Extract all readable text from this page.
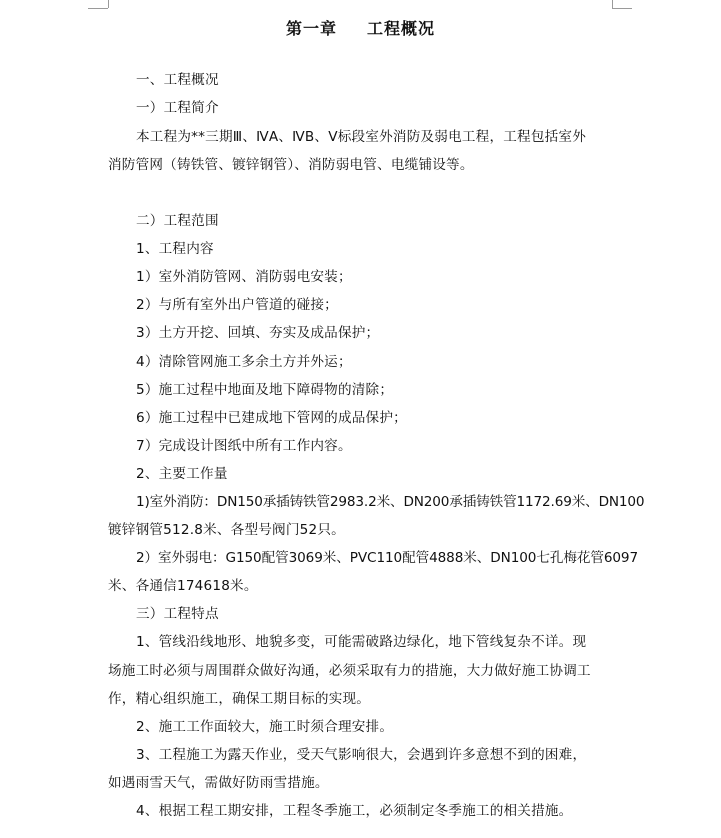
第一章 工程概况
一、工程概况
一）工程简介
本工程为**三期Ⅲ、ⅣA、ⅣB、Ⅴ标段室外消防及弱电工程，工程包括室外
消防管网（铸铁管、镀锌钢管）、消防弱电管、电缆铺设等。
二）工程范围
1、工程内容
1）室外消防管网、消防弱电安装；
2）与所有室外出户管道的碰接；
3）土方开挖、回填、夯实及成品保护；
4）清除管网施工多余土方并外运；
5）施工过程中地面及地下障碍物的清除；
6）施工过程中已建成地下管网的成品保护；
7）完成设计图纸中所有工作内容。
2、主要工作量
1)室外消防：DN150承插铸铁管2983.2米、DN200承插铸铁管1172.69米、DN100
镀锌钢管512.8米、各型号阀门52只。
2）室外弱电：G150配管3069米、PVC110配管4888米、DN100七孔梅花管6097
米、各通信174618米。
三）工程特点
1、管线沿线地形、地貌多变，可能需破路边绿化，地下管线复杂不详。现
场施工时必须与周围群众做好沟通，必须采取有力的措施，大力做好施工协调工
作，精心组织施工，确保工期目标的实现。
2、施工工作面较大，施工时须合理安排。
3、工程施工为露天作业，受天气影响很大，会遇到许多意想不到的困难，
如遇雨雪天气，需做好防雨雪措施。
4、根据工程工期安排，工程冬季施工，必须制定冬季施工的相关措施。
